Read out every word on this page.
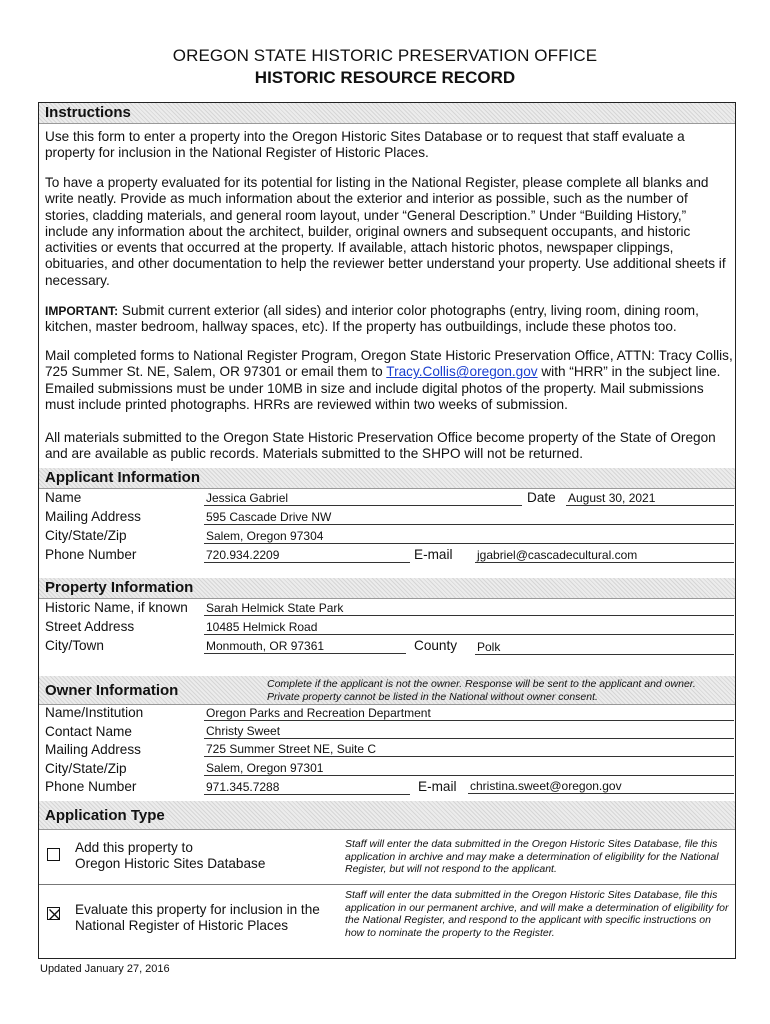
OREGON STATE HISTORIC PRESERVATION OFFICE
HISTORIC RESOURCE RECORD
Instructions
Use this form to enter a property into the Oregon Historic Sites Database or to request that staff evaluate a property for inclusion in the National Register of Historic Places.
To have a property evaluated for its potential for listing in the National Register, please complete all blanks and write neatly. Provide as much information about the exterior and interior as possible, such as the number of stories, cladding materials, and general room layout, under “General Description.” Under “Building History,” include any information about the architect, builder, original owners and subsequent occupants, and historic activities or events that occurred at the property. If available, attach historic photos, newspaper clippings, obituaries, and other documentation to help the reviewer better understand your property. Use additional sheets if necessary.
IMPORTANT: Submit current exterior (all sides) and interior color photographs (entry, living room, dining room, kitchen, master bedroom, hallway spaces, etc). If the property has outbuildings, include these photos too.
Mail completed forms to National Register Program, Oregon State Historic Preservation Office, ATTN: Tracy Collis, 725 Summer St. NE, Salem, OR 97301 or email them to Tracy.Collis@oregon.gov with “HRR” in the subject line. Emailed submissions must be under 10MB in size and include digital photos of the property. Mail submissions must include printed photographs. HRRs are reviewed within two weeks of submission.
All materials submitted to the Oregon State Historic Preservation Office become property of the State of Oregon and are available as public records. Materials submitted to the SHPO will not be returned.
Applicant Information
Name	Jessica Gabriel	Date August 30, 2021
Mailing Address	595 Cascade Drive NW
City/State/Zip	Salem, Oregon 97304
Phone Number	720.934.2209	E-mail jgabriel@cascadecultural.com
Property Information
Historic Name, if known Sarah Helmick State Park
Street Address	10485 Helmick Road
City/Town	Monmouth, OR 97361	County Polk
Owner Information	Complete if the applicant is not the owner. Response will be sent to the applicant and owner. Private property cannot be listed in the National without owner consent.
Name/Institution	Oregon Parks and Recreation Department
Contact Name	Christy Sweet
Mailing Address	725 Summer Street NE, Suite C
City/State/Zip	Salem, Oregon 97301
Phone Number	971.345.7288	E-mail christina.sweet@oregon.gov
Application Type
Add this property to
Oregon Historic Sites Database
Staff will enter the data submitted in the Oregon Historic Sites Database, file this application in archive and may make a determination of eligibility for the National Register, but will not respond to the applicant.
Evaluate this property for inclusion in the
National Register of Historic Places
Staff will enter the data submitted in the Oregon Historic Sites Database, file this application in our permanent archive, and will make a determination of eligibility for the National Register, and respond to the applicant with specific instructions on how to nominate the property to the Register.
Updated January 27, 2016
